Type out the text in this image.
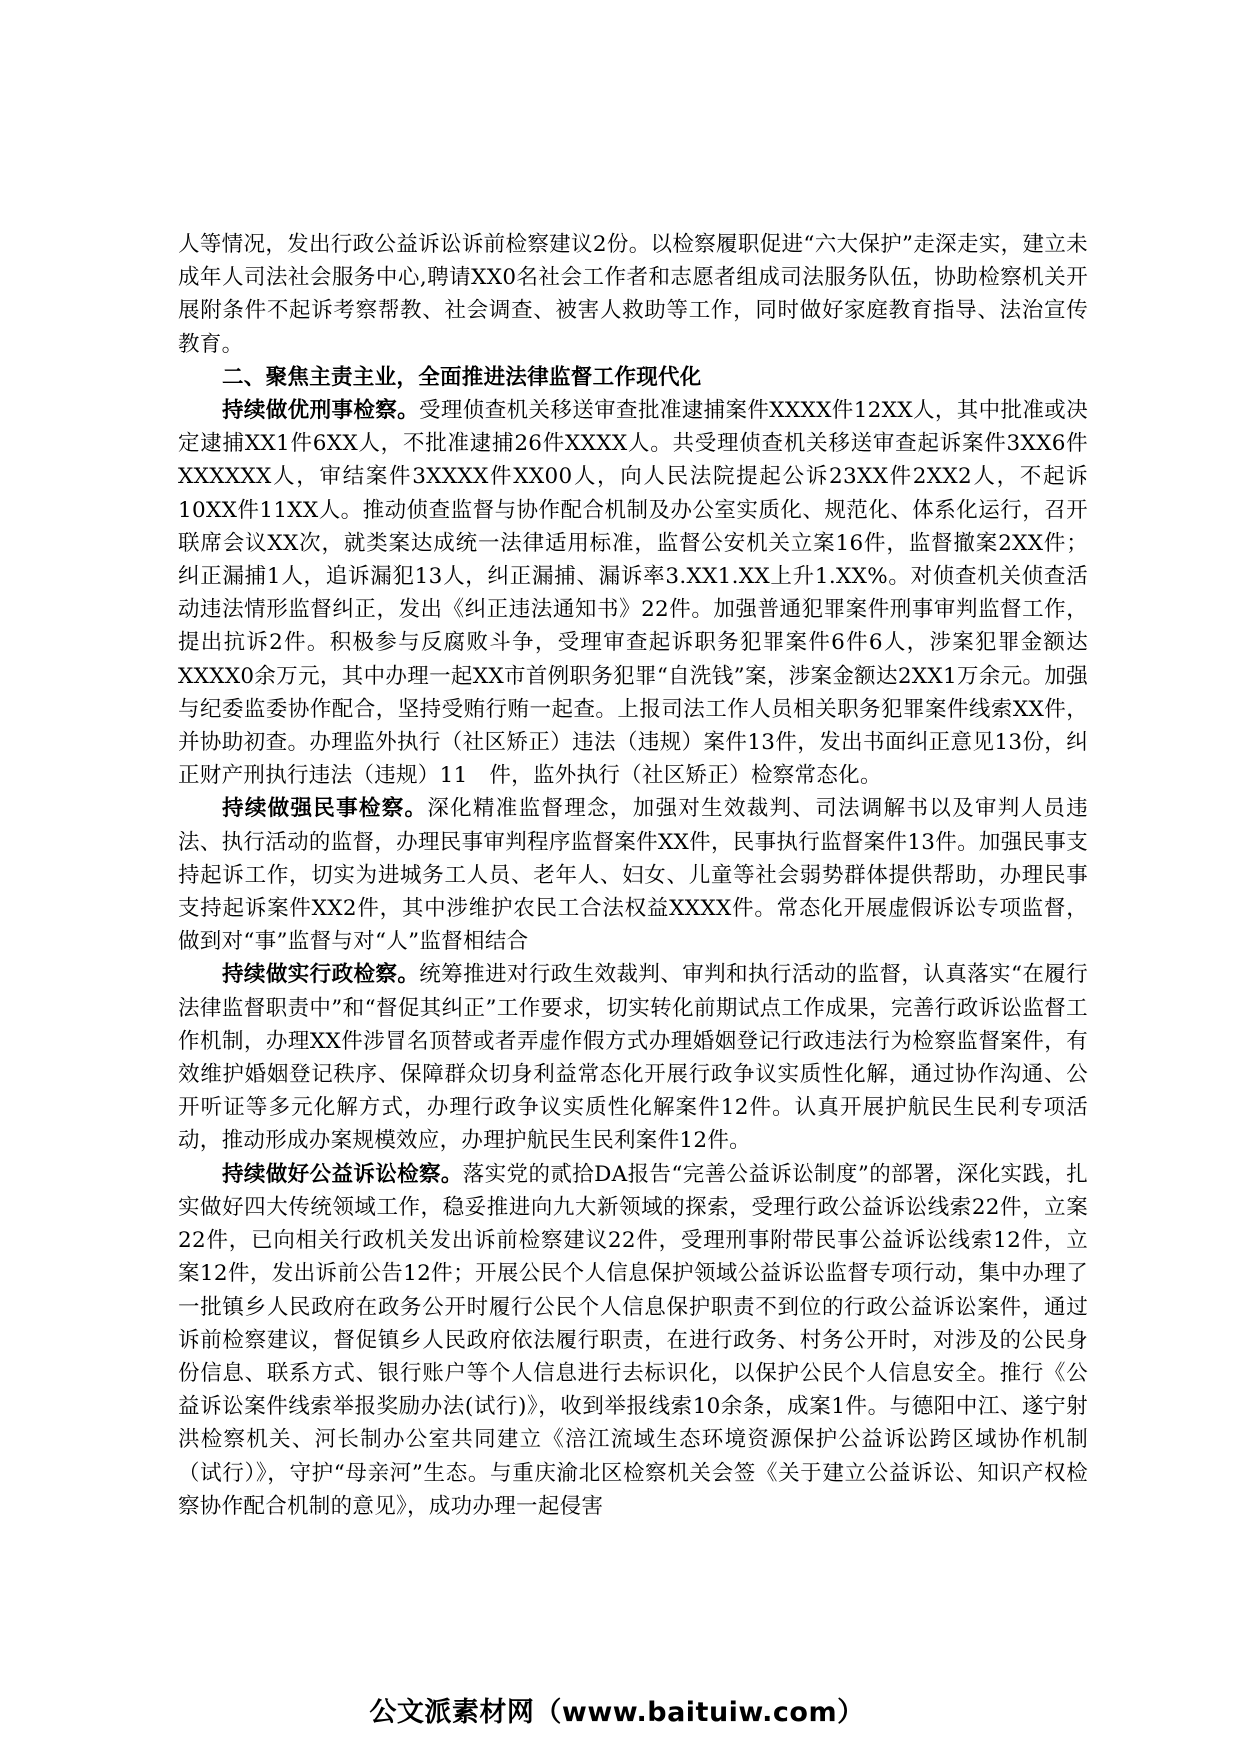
人等情况，发出行政公益诉讼诉前检察建议2份。以检察履职促进“六大保护”走深走实，建立未成年人司法社会服务中心,聘请XX0名社会工作者和志愿者组成司法服务队伍，协助检察机关开展附条件不起诉考察帮教、社会调查、被害人救助等工作，同时做好家庭教育指导、法治宣传教育。

二、聚焦主责主业，全面推进法律监督工作现代化

持续做优刑事检察。受理侦查机关移送审查批准逮捕案件XXXX件12XX人，其中批准或决定逮捕XX1件6XX人，不批准逮捕26件XXXX人。共受理侦查机关移送审查起诉案件3XX6件XXXXXX人，审结案件3XXXX件XX00人，向人民法院提起公诉23XX件2XX2人，不起诉10XX件11XX人。推动侦查监督与协作配合机制及办公室实质化、规范化、体系化运行，召开联席会议XX次，就类案达成统一法律适用标准，监督公安机关立案16件，监督撤案2XX件；纠正漏捕1人，追诉漏犯13人，纠正漏捕、漏诉率3.XX1.XX上升1.XX%。对侦查机关侦查活动违法情形监督纠正，发出《纠正违法通知书》22件。加强普通犯罪案件刑事审判监督工作，提出抗诉2件。积极参与反腐败斗争，受理审查起诉职务犯罪案件6件6人，涉案犯罪金额达XXXX0余万元，其中办理一起XX市首例职务犯罪“自洗钱”案，涉案金额达2XX1万余元。加强与纪委监委协作配合，坚持受贿行贿一起查。上报司法工作人员相关职务犯罪案件线索XX件，并协助初查。办理监外执行（社区矫正）违法（违规）案件13件，发出书面纠正意见13份，纠正财产刑执行违法（违规）11　件，监外执行（社区矫正）检察常态化。

持续做强民事检察。深化精准监督理念，加强对生效裁判、司法调解书以及审判人员违法、执行活动的监督，办理民事审判程序监督案件XX件，民事执行监督案件13件。加强民事支持起诉工作，切实为进城务工人员、老年人、妇女、儿童等社会弱势群体提供帮助，办理民事支持起诉案件XX2件，其中涉维护农民工合法权益XXXX件。常态化开展虚假诉讼专项监督，做到对“事”监督与对“人”监督相结合

持续做实行政检察。统筹推进对行政生效裁判、审判和执行活动的监督，认真落实“在履行法律监督职责中”和“督促其纠正”工作要求，切实转化前期试点工作成果，完善行政诉讼监督工作机制，办理XX件涉冒名顶替或者弄虚作假方式办理婚姻登记行政违法行为检察监督案件，有效维护婚姻登记秩序、保障群众切身利益常态化开展行政争议实质性化解，通过协作沟通、公开听证等多元化解方式，办理行政争议实质性化解案件12件。认真开展护航民生民利专项活动，推动形成办案规模效应，办理护航民生民利案件12件。

持续做好公益诉讼检察。落实党的贰拾DA报告“完善公益诉讼制度”的部署，深化实践，扎实做好四大传统领域工作，稳妥推进向九大新领域的探索，受理行政公益诉讼线索22件，立案22件，已向相关行政机关发出诉前检察建议22件，受理刑事附带民事公益诉讼线索12件，立案12件，发出诉前公告12件；开展公民个人信息保护领域公益诉讼监督专项行动，集中办理了一批镇乡人民政府在政务公开时履行公民个人信息保护职责不到位的行政公益诉讼案件，通过诉前检察建议，督促镇乡人民政府依法履行职责，在进行政务、村务公开时，对涉及的公民身份信息、联系方式、银行账户等个人信息进行去标识化，以保护公民个人信息安全。推行《公益诉讼案件线索举报奖励办法(试行)》，收到举报线索10余条，成案1件。与德阳中江、遂宁射洪检察机关、河长制办公室共同建立《涪江流域生态环境资源保护公益诉讼跨区域协作机制（试行）》，守护“母亲河”生态。与重庆渝北区检察机关会签《关于建立公益诉讼、知识产权检察协作配合机制的意见》，成功办理一起侵害

公文派素材网（www.baituiw.com）
